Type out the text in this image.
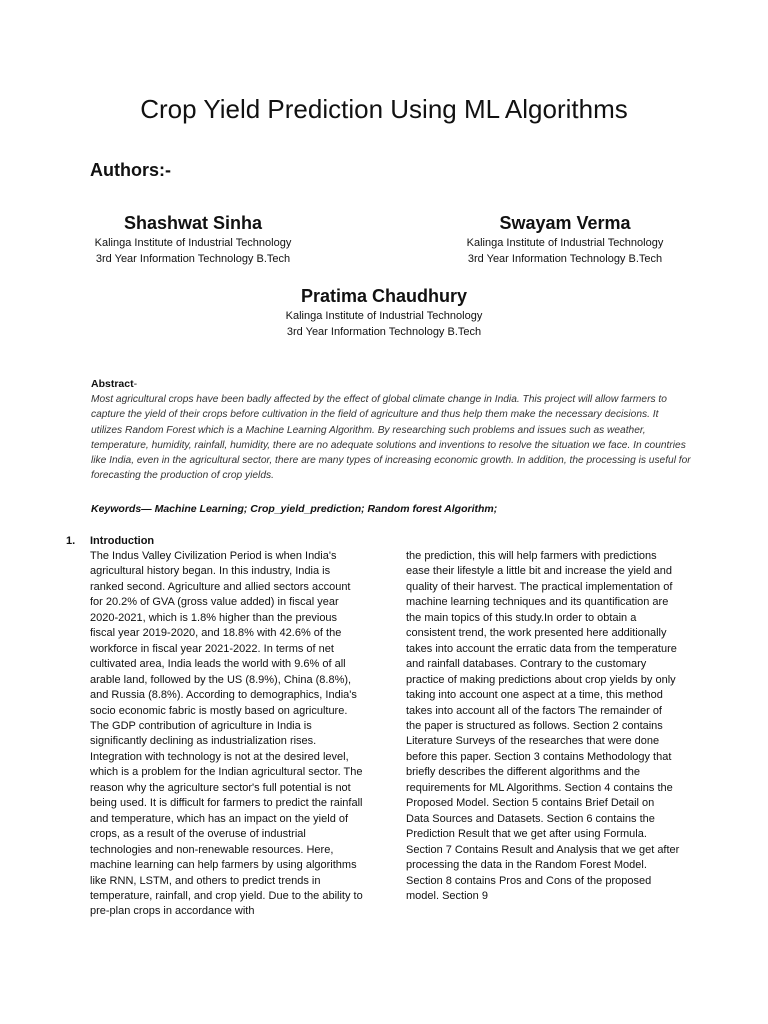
Crop Yield Prediction Using ML Algorithms
Authors:-
Shashwat Sinha
Kalinga Institute of Industrial Technology
3rd Year Information Technology B.Tech
Swayam Verma
Kalinga Institute of Industrial Technology
3rd Year Information Technology B.Tech
Pratima Chaudhury
Kalinga Institute of Industrial Technology
3rd Year Information Technology B.Tech
Abstract-
Most agricultural crops have been badly affected by the effect of global climate change in India. This project will allow farmers to capture the yield of their crops before cultivation in the field of agriculture and thus help them make the necessary decisions. It utilizes Random Forest which is a Machine Learning Algorithm. By researching such problems and issues such as weather, temperature, humidity, rainfall, humidity, there are no adequate solutions and inventions to resolve the situation we face. In countries like India, even in the agricultural sector, there are many types of increasing economic growth. In addition, the processing is useful for forecasting the production of crop yields.
Keywords— Machine Learning; Crop_yield_prediction; Random forest Algorithm;
1. Introduction
The Indus Valley Civilization Period is when India's agricultural history began. In this industry, India is ranked second. Agriculture and allied sectors account for 20.2% of GVA (gross value added) in fiscal year 2020-2021, which is 1.8% higher than the previous fiscal year 2019-2020, and 18.8% with 42.6% of the workforce in fiscal year 2021-2022. In terms of net cultivated area, India leads the world with 9.6% of all arable land, followed by the US (8.9%), China (8.8%), and Russia (8.8%). According to demographics, India's socio economic fabric is mostly based on agriculture. The GDP contribution of agriculture in India is significantly declining as industrialization rises. Integration with technology is not at the desired level, which is a problem for the Indian agricultural sector. The reason why the agriculture sector's full potential is not being used. It is difficult for farmers to predict the rainfall and temperature, which has an impact on the yield of crops, as a result of the overuse of industrial technologies and non-renewable resources. Here, machine learning can help farmers by using algorithms like RNN, LSTM, and others to predict trends in temperature, rainfall, and crop yield. Due to the ability to pre-plan crops in accordance with
the prediction, this will help farmers with predictions ease their lifestyle a little bit and increase the yield and quality of their harvest. The practical implementation of machine learning techniques and its quantification are the main topics of this study.In order to obtain a consistent trend, the work presented here additionally takes into account the erratic data from the temperature and rainfall databases. Contrary to the customary practice of making predictions about crop yields by only taking into account one aspect at a time, this method takes into account all of the factors The remainder of the paper is structured as follows. Section 2 contains Literature Surveys of the researches that were done before this paper. Section 3 contains Methodology that briefly describes the different algorithms and the requirements for ML Algorithms. Section 4 contains the Proposed Model. Section 5 contains Brief Detail on Data Sources and Datasets. Section 6 contains the Prediction Result that we get after using Formula. Section 7 Contains Result and Analysis that we get after processing the data in the Random Forest Model. Section 8 contains Pros and Cons of the proposed model. Section 9
